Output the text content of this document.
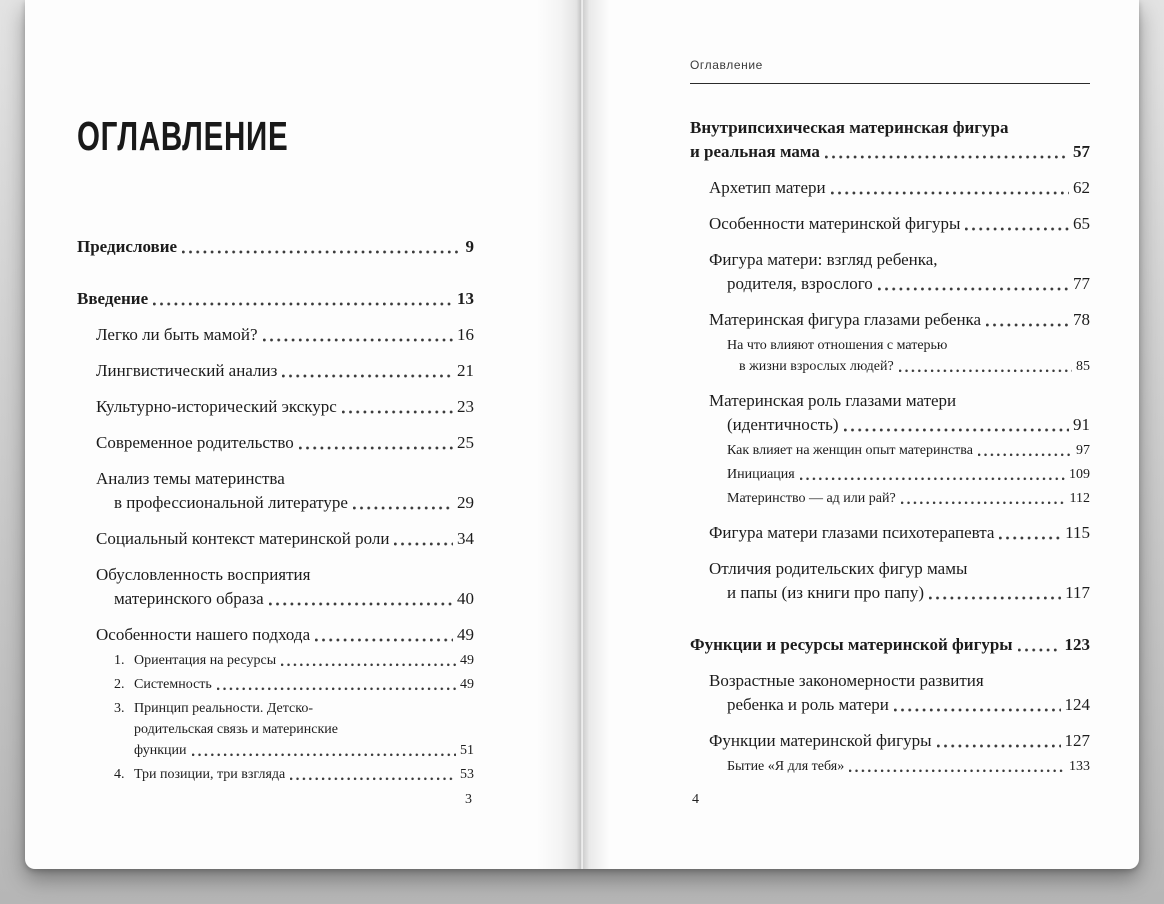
ОГЛАВЛЕНИЕ
Предисловие	9
Введение	13
Легко ли быть мамой?	16
Лингвистический анализ	21
Культурно-исторический экскурс	23
Современное родительство	25
Анализ темы материнства
в профессиональной литературе	29
Социальный контекст материнской роли	34
Обусловленность восприятия
материнского образа	40
Особенности нашего подхода	49
1. Ориентация на ресурсы	49
2. Системность	49
3. Принцип реальности. Детско-
родительская связь и материнские
функции	51
4. Три позиции, три взгляда	53
3
Оглавление
Внутрипсихическая материнская фигура
и реальная мама	57
Архетип матери	62
Особенности материнской фигуры	65
Фигура матери: взгляд ребенка,
родителя, взрослого	77
Материнская фигура глазами ребенка	78
На что влияют отношения с матерью
в жизни взрослых людей?	85
Материнская роль глазами матери
(идентичность)	91
Как влияет на женщин опыт материнства	97
Инициация	109
Материнство — ад или рай?	112
Фигура матери глазами психотерапевта	115
Отличия родительских фигур мамы
и папы (из книги про папу)	117
Функции и ресурсы материнской фигуры	123
Возрастные закономерности развития
ребенка и роль матери	124
Функции материнской фигуры	127
Бытие «Я для тебя»	133
4
